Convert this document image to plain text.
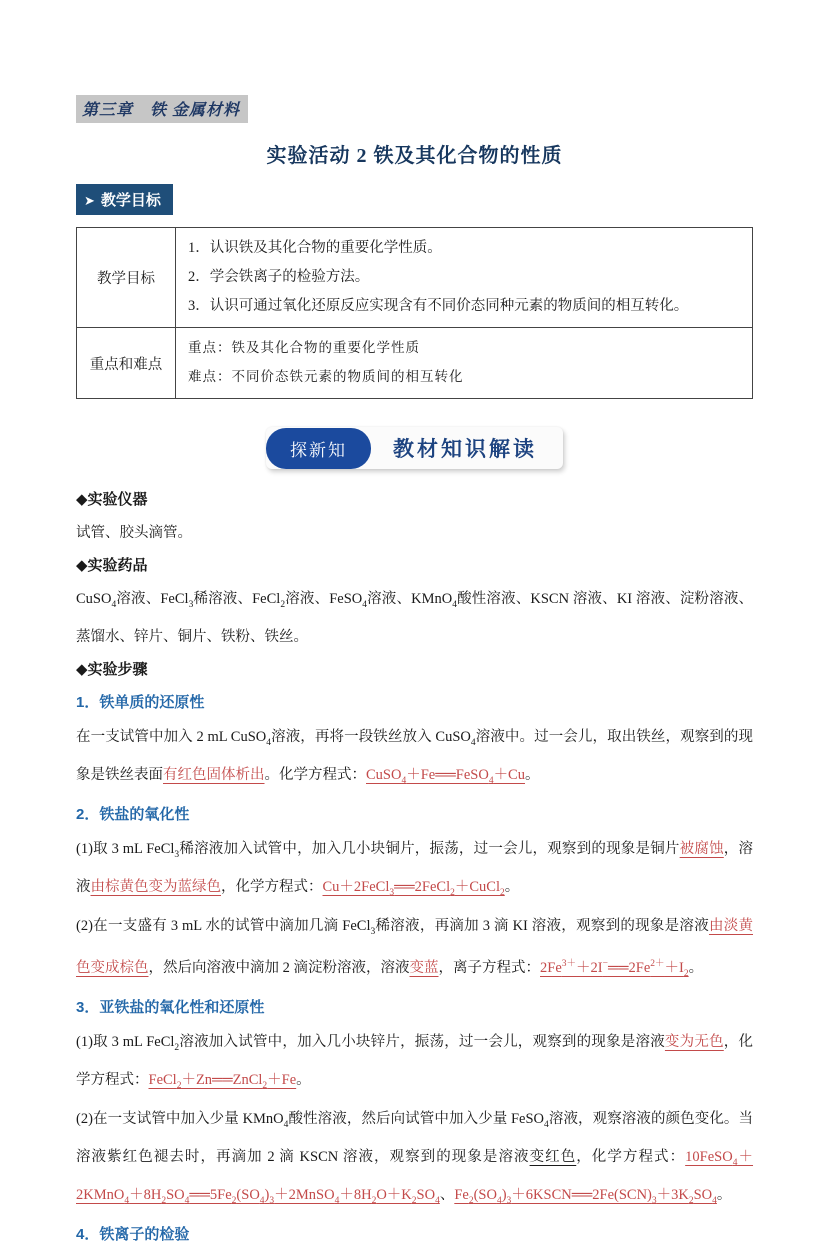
第三章　铁 金属材料
实验活动 2 铁及其化合物的性质
➤ 教学目标
教学目标	1．认识铁及其化合物的重要化学性质。
2．学会铁离子的检验方法。
3．认识可通过氧化还原反应实现含有不同价态同种元素的物质间的相互转化。

重点和难点	重点：铁及其化合物的重要化学性质
难点：不同价态铁元素的物质间的相互转化
探新知	教材知识解读
◆实验仪器
试管、胶头滴管。
◆实验药品
CuSO$_4$溶液、FeCl$_3$稀溶液、FeCl$_2$溶液、FeSO$_4$溶液、KMnO$_4$酸性溶液、KSCN 溶液、KI 溶液、淀粉溶液、蒸馏水、锌片、铜片、铁粉、铁丝。
◆实验步骤
1．铁单质的还原性
在一支试管中加入 2 mL CuSO$_4$溶液，再将一段铁丝放入 CuSO$_4$溶液中。过一会儿，取出铁丝，观察到的现象是铁丝表面有红色固体析出。化学方程式：CuSO$_4$＋Fe══FeSO$_4$＋Cu。
2．铁盐的氧化性
(1)取 3 mL FeCl$_3$稀溶液加入试管中，加入几小块铜片，振荡，过一会儿，观察到的现象是铜片被腐蚀，溶液由棕黄色变为蓝绿色，化学方程式：Cu＋2FeCl$_3$══2FeCl$_2$＋CuCl$_2$。
(2)在一支盛有 3 mL 水的试管中滴加几滴 FeCl$_3$稀溶液，再滴加 3 滴 KI 溶液，观察到的现象是溶液由淡黄色变成棕色，然后向溶液中滴加 2 滴淀粉溶液，溶液变蓝，离子方程式：$2Fe^{3+}+2I^-══2Fe^{2+}+I_2$。
3．亚铁盐的氧化性和还原性
(1)取 3 mL FeCl$_2$溶液加入试管中，加入几小块锌片，振荡，过一会儿，观察到的现象是溶液变为无色，化学方程式：FeCl$_2$＋Zn══ZnCl$_2$＋Fe。
(2)在一支试管中加入少量 KMnO$_4$酸性溶液，然后向试管中加入少量 FeSO$_4$溶液，观察溶液的颜色变化。当溶液紫红色褪去时，再滴加 2 滴 KSCN 溶液，观察到的现象是溶液变红色，化学方程式：$10FeSO_4+2KMnO_4+8H_2SO_4══5Fe_2(SO_4)_3+2MnSO_4+8H_2O+K_2SO_4$、$Fe_2(SO_4)_3+6KSCN══2Fe(SCN)_3+3K_2SO_4$。
4．铁离子的检验
